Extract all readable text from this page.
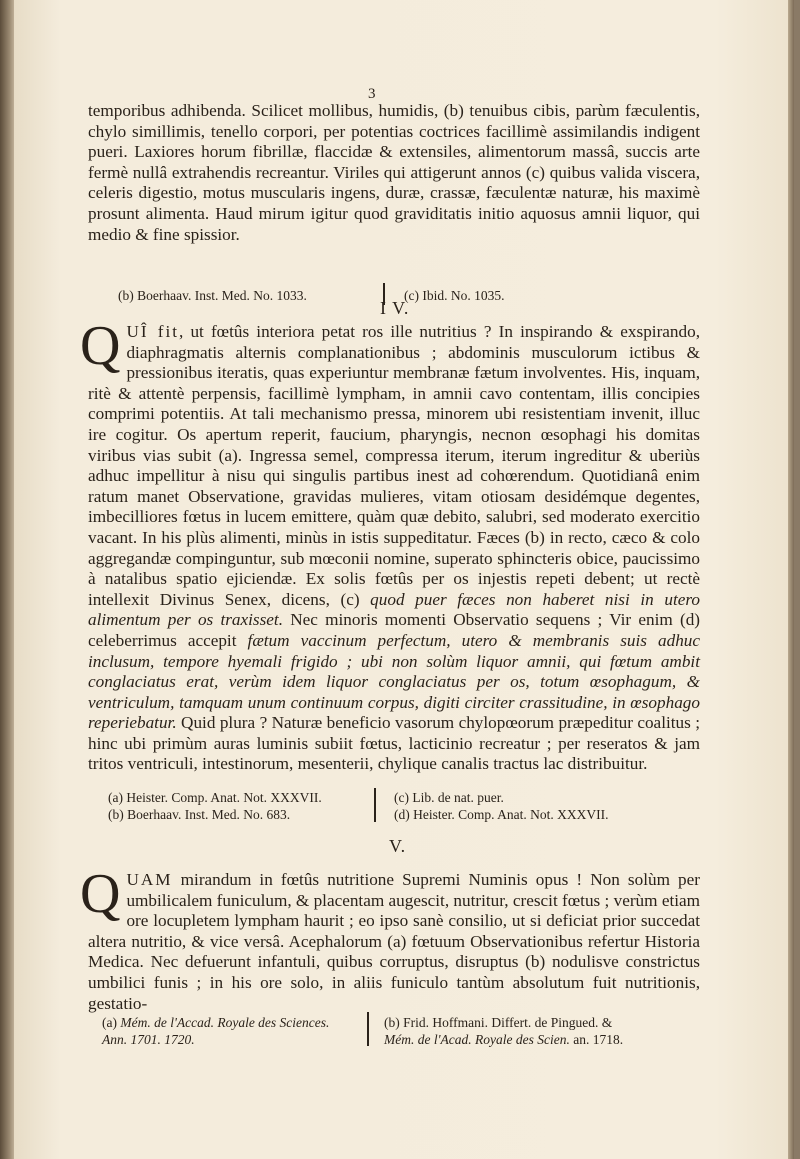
3

temporibus adhibenda. Scilicet mollibus, humidis, (b) tenuibus cibis, parùm fæculentis, chylo simillimis, tenello corpori, per potentias coctrices facillimè assimilandis indigent pueri. Laxiores horum fibrillæ, flaccidæ & extensiles, alimentorum massâ, succis arte fermè nullâ extrahendis recreantur. Viriles qui attigerunt annos (c) quibus valida viscera, celeris digestio, motus muscularis ingens, duræ, crassæ, fæculentæ naturæ, his maximè prosunt alimenta. Haud mirum igitur quod graviditatis initio aquosus amnii liquor, qui medio & fine spissior.

(b) Boerhaav. Inst. Med. No. 1033.	(c) Ibid. No. 1035.
I V.

QUÎ fit, ut fœtûs interiora petat ros ille nutritius ? In inspirando & exspirando, diaphragmatis alternis complanationibus ; abdominis musculorum ictibus & pressionibus iteratis, quas experiuntur membranæ fætum involventes. His, inquam, ritè & attentè perpensis, facillimè lympham, in amnii cavo contentam, illis concipies comprimi potentiis. At tali mechanismo pressa, minorem ubi resistentiam invenit, illuc ire cogitur. Os apertum reperit, faucium, pharyngis, necnon œsophagi his domitas viribus vias subit (a). Ingressa semel, compressa iterum, iterum ingreditur & uberiùs adhuc impellitur à nisu qui singulis partibus inest ad cohœrendum. Quotidianâ enim ratum manet Observatione, gravidas mulieres, vitam otiosam desidémque degentes, imbecilliores fœtus in lucem emittere, quàm quæ debito, salubri, sed moderato exercitio vacant. In his plùs alimenti, minùs in istis suppeditatur. Fæces (b) in recto, cæco & colo aggregandæ compinguntur, sub mœconii nomine, superato sphincteris obice, paucissimo à natalibus spatio ejiciendæ. Ex solis fœtûs per os injestis repeti debent; ut rectè intellexit Divinus Senex, dicens, (c) quod puer fæces non haberet nisi in utero alimentum per os traxisset. Nec minoris momenti Observatio sequens ; Vir enim (d) celeberrimus accepit fætum vaccinum perfectum, utero & membranis suis adhuc inclusum, tempore hyemali frigido ; ubi non solùm liquor amnii, qui fœtum ambit conglaciatus erat, verùm idem liquor conglaciatus per os, totum œsophagum, & ventriculum, tamquam unum continuum corpus, digiti circiter crassitudine, in œsophago reperiebatur. Quid plura ? Naturæ beneficio vasorum chylopœorum præpeditur coalitus ; hinc ubi primùm auras luminis subiit fœtus, lacticinio recreatur ; per reseratos & jam tritos ventriculi, intestinorum, mesenterii, chylique canalis tractus lac distribuitur.

(a) Heister. Comp. Anat. Not. XXXVII.
(b) Boerhaav. Inst. Med. No. 683.
(c) Lib. de nat. puer.
(d) Heister. Comp. Anat. Not. XXXVII.
V.

QUAM mirandum in fœtûs nutritione Supremi Numinis opus ! Non solùm per umbilicalem funiculum, & placentam augescit, nutritur, crescit fœtus ; verùm etiam ore locupletem lympham haurit ; eo ipso sanè consilio, ut si deficiat prior succedat altera nutritio, & vice versâ. Acephalorum (a) fœtuum Observationibus refertur Historia Medica. Nec defuerunt infantuli, quibus corruptus, disruptus (b) nodulisve constrictus umbilici funis ; in his ore solo, in aliis funiculo tantùm absolutum fuit nutritionis, gestatio-

(a) Mém. de l'Accad. Royale des Sciences.
Ann. 1701. 1720.
(b) Frid. Hoffmani. Differt. de Pingued. &
Mém. de l'Acad. Royale des Scien. an. 1718.
